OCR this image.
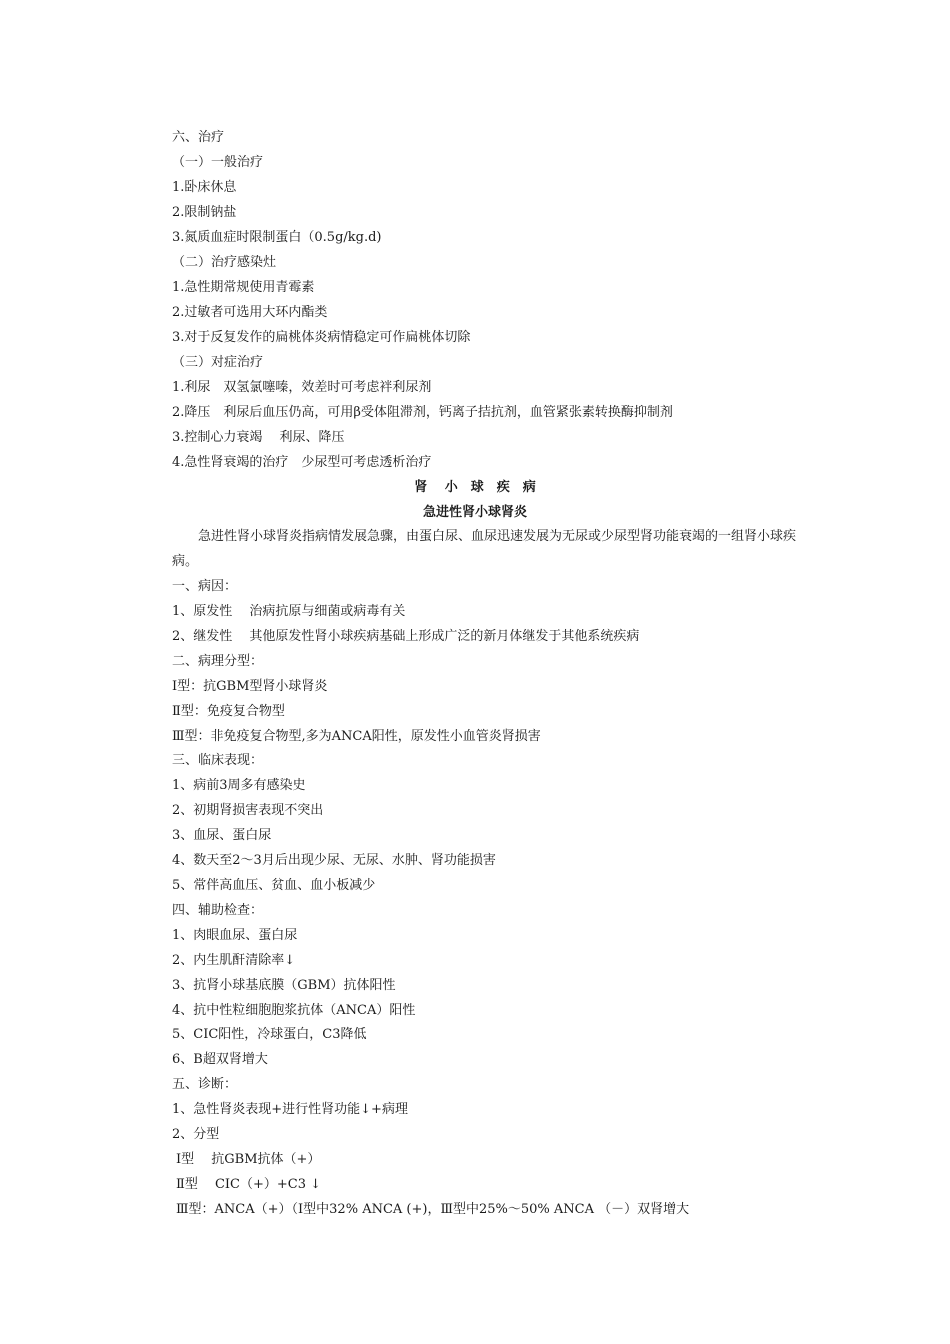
六、治疗
（一）一般治疗
1.卧床休息
2.限制钠盐
3.氮质血症时限制蛋白（0.5g/kg.d)
（二）治疗感染灶
1.急性期常规使用青霉素
2.过敏者可选用大环内酯类
3.对于反复发作的扁桃体炎病情稳定可作扁桃体切除
（三）对症治疗
1.利尿　双氢氯噻嗪，效差时可考虑袢利尿剂
2.降压　利尿后血压仍高，可用β受体阻滞剂，钙离子拮抗剂，血管紧张素转换酶抑制剂
3.控制心力衰竭　 利尿、降压
4.急性肾衰竭的治疗　少尿型可考虑透析治疗
肾　 小　球　疾　病
急进性肾小球肾炎
急进性肾小球肾炎指病情发展急骤，由蛋白尿、血尿迅速发展为无尿或少尿型肾功能衰竭的一组肾小球疾病。
一、病因：
1、原发性　 治病抗原与细菌或病毒有关
2、继发性　 其他原发性肾小球疾病基础上形成广泛的新月体继发于其他系统疾病
二、病理分型：
Ⅰ型：抗GBM型肾小球肾炎
Ⅱ型：免疫复合物型
Ⅲ型：非免疫复合物型,多为ANCA阳性，原发性小血管炎肾损害
三、临床表现：
1、病前3周多有感染史
2、初期肾损害表现不突出
3、血尿、蛋白尿
4、数天至2～3月后出现少尿、无尿、水肿、肾功能损害
5、常伴高血压、贫血、血小板减少
四、辅助检查：
1、肉眼血尿、蛋白尿
2、内生肌酐清除率↓
3、抗肾小球基底膜（GBM）抗体阳性
4、抗中性粒细胞胞浆抗体（ANCA）阳性
5、CIC阳性，冷球蛋白，C3降低
6、B超双肾增大
五、诊断：
1、急性肾炎表现+进行性肾功能↓+病理
2、分型
Ⅰ型　 抗GBM抗体（+）
Ⅱ型　 CIC（+）+C3 ↓
Ⅲ型：ANCA（+）（Ⅰ型中32% ANCA (+)，Ⅲ型中25%～50% ANCA （－）双肾增大
